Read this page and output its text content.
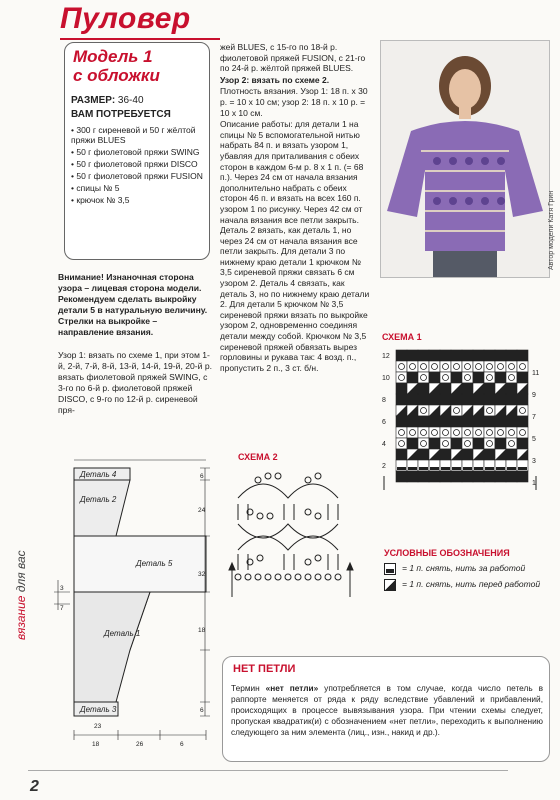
вязание для вас
2
Пуловер
Модель 1
с обложки
РАЗМЕР: 36-40
ВАМ ПОТРЕБУЕТСЯ
• 300 г сиреневой и 50 г жёлтой пряжи BLUES
• 50 г фиолетовой пряжи SWING
• 50 г фиолетовой пряжи DISCO
• 50 г фиолетовой пряжи FUSION
• спицы № 5
• крючок № 3,5
Внимание! Изнаночная сторона узора – лицевая сторона модели. Рекомендуем сделать выкройку детали 5 в натуральную величину. Стрелки на выкройке – направление вязания.
Узор 1: вязать по схеме 1, при этом 1-й, 2-й, 7-й, 8-й, 13-й, 14-й, 19-й, 20-й р. вязать фиолетовой пряжей SWING, с 3-го по 6-й р. фиолетовой пряжей DISCO, с 9-го по 12-й р. сиреневой пря-

жей BLUES, с 15-го по 18-й р. фиолетовой пряжей FUSION, с 21-го по 24-й р. жёлтой пряжей BLUES.

Узор 2: вязать по схеме 2.

Плотность вязания. Узор 1: 18 п. x 30 р. = 10 x 10 см; узор 2: 18 п. x 10 р. = 10 x 10 см.

Описание работы: для детали 1 на спицы № 5 вспомогательной нитью набрать 84 п. и вязать узором 1, убавляя для приталивания с обеих сторон в каждом 6-м р. 8 x 1 п. (= 68 п.). Через 24 см от начала вязания дополнительно набрать с обеих сторон 46 п. и вязать на всех 160 п. узором 1 по рисунку. Через 42 см от начала вязания все петли закрыть. Деталь 2 вязать, как деталь 1, но через 24 см от начала вязания все петли закрыть. Для детали 3 по нижнему краю детали 1 крючком № 3,5 сиреневой пряжи связать 6 см узором 2. Деталь 4 связать, как деталь 3, но по нижнему краю детали 2. Для детали 5 крючком № 3,5 сиреневой пряжи вязать по выкройке узором 2, одновременно соединяя детали между собой. Крючком № 3,5 сиреневой пряжей обвязать вырез горловины и рукава так: 4 возд. п., пропустить 2 п., 3 ст. б/н.

Автор модели Катя Грин
СХЕМА 1
12
11
10
9
8
7
6
5
4
3
2
1
СХЕМА 2
Деталь 4
Деталь 2
Деталь 5
Деталь 1
Деталь 3
6
24
32
18
6
3
7
18	26	6
23
УСЛОВНЫЕ ОБОЗНАЧЕНИЯ
= 1 п. снять, нить за работой
= 1 п. снять, нить перед работой
НЕТ ПЕТЛИ
Термин «нет петли» употребляется в том случае, когда число петель в раппорте меняется от ряда к ряду вследствие убавлений и прибавлений, происходящих в процессе вывязывания узора. При чтении схемы следует, пропуская квадратик(и) с обозначением «нет петли», переходить к выполнению следующего за ним элемента (лиц., изн., накид и др.).
